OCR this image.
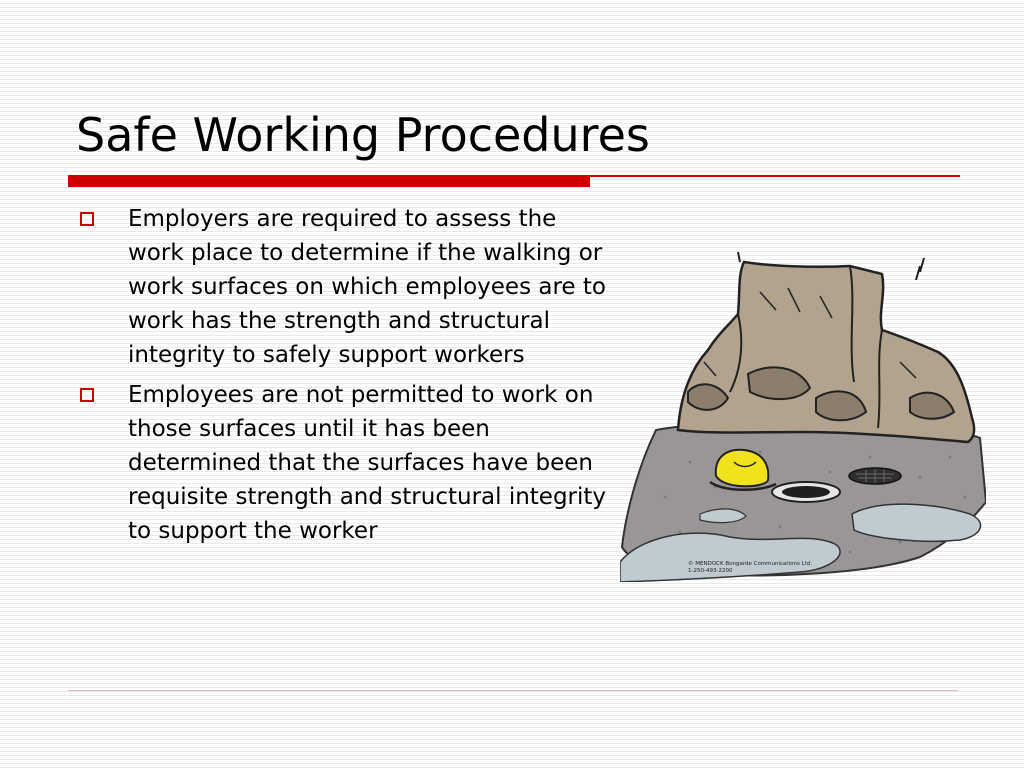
Safe Working Procedures
Employers are required to assess the work place to determine if the walking or work surfaces on which employees are to work has the strength and structural integrity to safely support workers
Employees are not permitted to work on those surfaces until it has been determined that the surfaces have been requisite strength and structural integrity to support the worker
© MENDOCK Bongarde Communications Ltd.
1-250-493-2200
